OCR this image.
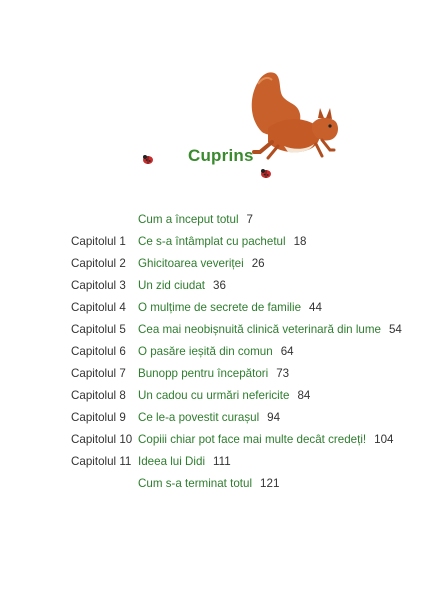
Cuprins
Cum a început totul 7
Capitolul 1 Ce s-a întâmplat cu pachetul 18
Capitolul 2 Ghicitoarea veveriței 26
Capitolul 3 Un zid ciudat 36
Capitolul 4 O mulțime de secrete de familie 44
Capitolul 5 Cea mai neobișnuită clinică veterinară din lume 54
Capitolul 6 O pasăre ieșită din comun 64
Capitolul 7 Bunopp pentru începători 73
Capitolul 8 Un cadou cu urmări nefericite 84
Capitolul 9 Ce le-a povestit curașul 94
Capitolul 10 Copiii chiar pot face mai multe decât credeți! 104
Capitolul 11 Ideea lui Didi 111
Cum s-a terminat totul 121
